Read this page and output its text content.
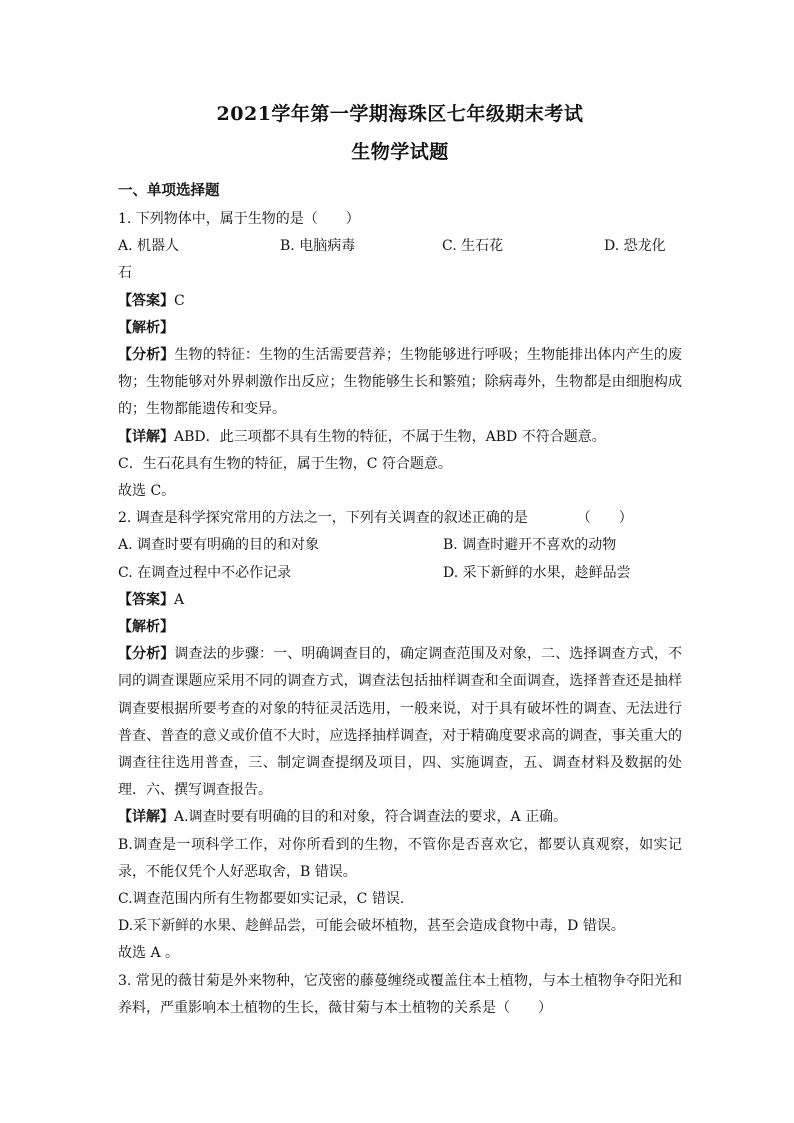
2021学年第一学期海珠区七年级期末考试
生物学试题
一、单项选择题
1. 下列物体中，属于生物的是（　　）
A. 机器人	B. 电脑病毒	C. 生石花	D. 恐龙化
石
【答案】C
【解析】
【分析】生物的特征：生物的生活需要营养；生物能够进行呼吸；生物能排出体内产生的废物；生物能够对外界刺激作出反应；生物能够生长和繁殖；除病毒外，生物都是由细胞构成的；生物都能遗传和变异。
【详解】ABD．此三项都不具有生物的特征，不属于生物，ABD 不符合题意。
C．生石花具有生物的特征，属于生物，C 符合题意。
故选 C。
2. 调查是科学探究常用的方法之一，下列有关调查的叙述正确的是　　　　（　　）
A. 调查时要有明确的目的和对象	B. 调查时避开不喜欢的动物
C. 在调查过程中不必作记录	D. 采下新鲜的水果，趁鲜品尝
【答案】A
【解析】
【分析】调查法的步骤：一、明确调查目的，确定调查范围及对象，二、选择调查方式，不同的调查课题应采用不同的调查方式，调查法包括抽样调查和全面调查，选择普查还是抽样调查要根据所要考查的对象的特征灵活选用，一般来说，对于具有破坏性的调查、无法进行普查、普查的意义或价值不大时，应选择抽样调查，对于精确度要求高的调查，事关重大的调查往往选用普查，三、制定调查提纲及项目，四、实施调查，五、调查材料及数据的处理．六、撰写调查报告。
【详解】A.调查时要有明确的目的和对象，符合调查法的要求，A 正确。
B.调查是一项科学工作，对你所看到的生物，不管你是否喜欢它，都要认真观察，如实记录，不能仅凭个人好恶取舍，B 错误。
C.调查范围内所有生物都要如实记录，C 错误．
D.采下新鲜的水果、趁鲜品尝，可能会破坏植物，甚至会造成食物中毒，D 错误。
故选 A 。
3. 常见的薇甘菊是外来物种，它茂密的藤蔓缠绕或覆盖住本土植物，与本土植物争夺阳光和养料，严重影响本土植物的生长，薇甘菊与本土植物的关系是（　　）
